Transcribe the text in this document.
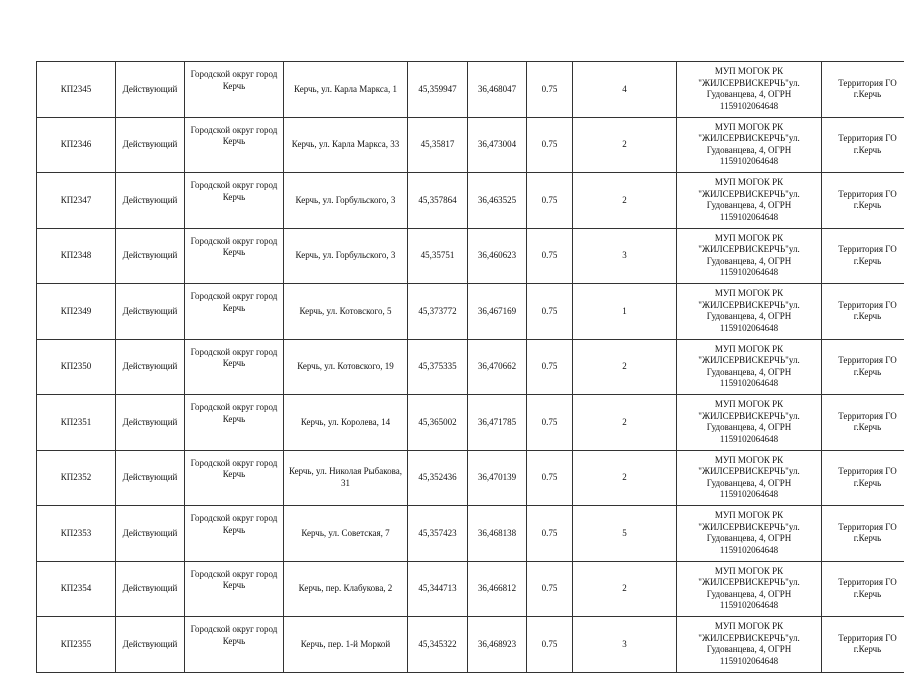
КП2345	Действующий	Городской округ город Керчь	Керчь, ул. Карла Маркса, 1	45,359947	36,468047	0.75	4	МУП МОГОК РК
"ЖИЛСЕРВИСКЕРЧЬ"ул.
Гудованцева, 4, ОГРН
1159102064648	Территория ГО
г.Керчь

КП2346	Действующий	Городской округ город Керчь	Керчь, ул. Карла Маркса, 33	45,35817	36,473004	0.75	2	МУП МОГОК РК
"ЖИЛСЕРВИСКЕРЧЬ"ул.
Гудованцева, 4, ОГРН
1159102064648	Территория ГО
г.Керчь

КП2347	Действующий	Городской округ город Керчь	Керчь, ул. Горбульского, 3	45,357864	36,463525	0.75	2	МУП МОГОК РК
"ЖИЛСЕРВИСКЕРЧЬ"ул.
Гудованцева, 4, ОГРН
1159102064648	Территория ГО
г.Керчь

КП2348	Действующий	Городской округ город Керчь	Керчь, ул. Горбульского, 3	45,35751	36,460623	0.75	3	МУП МОГОК РК
"ЖИЛСЕРВИСКЕРЧЬ"ул.
Гудованцева, 4, ОГРН
1159102064648	Территория ГО
г.Керчь

КП2349	Действующий	Городской округ город Керчь	Керчь, ул. Котовского, 5	45,373772	36,467169	0.75	1	МУП МОГОК РК
"ЖИЛСЕРВИСКЕРЧЬ"ул.
Гудованцева, 4, ОГРН
1159102064648	Территория ГО
г.Керчь

КП2350	Действующий	Городской округ город Керчь	Керчь, ул. Котовского, 19	45,375335	36,470662	0.75	2	МУП МОГОК РК
"ЖИЛСЕРВИСКЕРЧЬ"ул.
Гудованцева, 4, ОГРН
1159102064648	Территория ГО
г.Керчь

КП2351	Действующий	Городской округ город Керчь	Керчь, ул. Королева, 14	45,365002	36,471785	0.75	2	МУП МОГОК РК
"ЖИЛСЕРВИСКЕРЧЬ"ул.
Гудованцева, 4, ОГРН
1159102064648	Территория ГО
г.Керчь

КП2352	Действующий	Городской округ город Керчь	Керчь, ул. Николая Рыбакова, 31	45,352436	36,470139	0.75	2	МУП МОГОК РК
"ЖИЛСЕРВИСКЕРЧЬ"ул.
Гудованцева, 4, ОГРН
1159102064648	Территория ГО
г.Керчь

КП2353	Действующий	Городской округ город Керчь	Керчь, ул. Советская, 7	45,357423	36,468138	0.75	5	МУП МОГОК РК
"ЖИЛСЕРВИСКЕРЧЬ"ул.
Гудованцева, 4, ОГРН
1159102064648	Территория ГО
г.Керчь

КП2354	Действующий	Городской округ город Керчь	Керчь, пер. Клабукова, 2	45,344713	36,466812	0.75	2	МУП МОГОК РК
"ЖИЛСЕРВИСКЕРЧЬ"ул.
Гудованцева, 4, ОГРН
1159102064648	Территория ГО
г.Керчь

КП2355	Действующий	Городской округ город Керчь	Керчь, пер. 1-й Моркой	45,345322	36,468923	0.75	3	МУП МОГОК РК
"ЖИЛСЕРВИСКЕРЧЬ"ул.
Гудованцева, 4, ОГРН
1159102064648	Территория ГО
г.Керчь
